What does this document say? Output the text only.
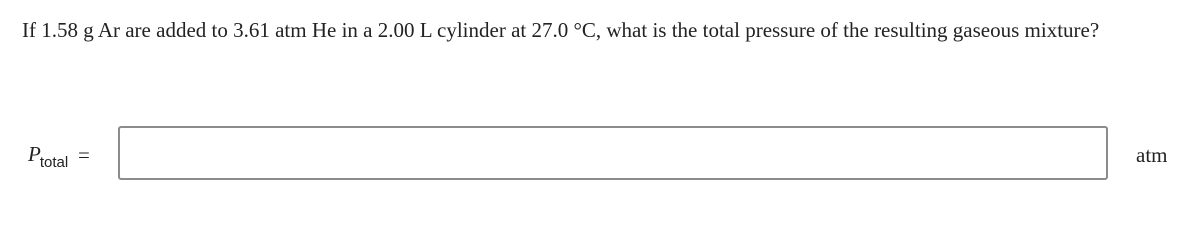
If 1.58 g Ar are added to 3.61 atm He in a 2.00 L cylinder at 27.0 °C, what is the total pressure of the resulting gaseous mixture?

$P_{total}$ =	atm
